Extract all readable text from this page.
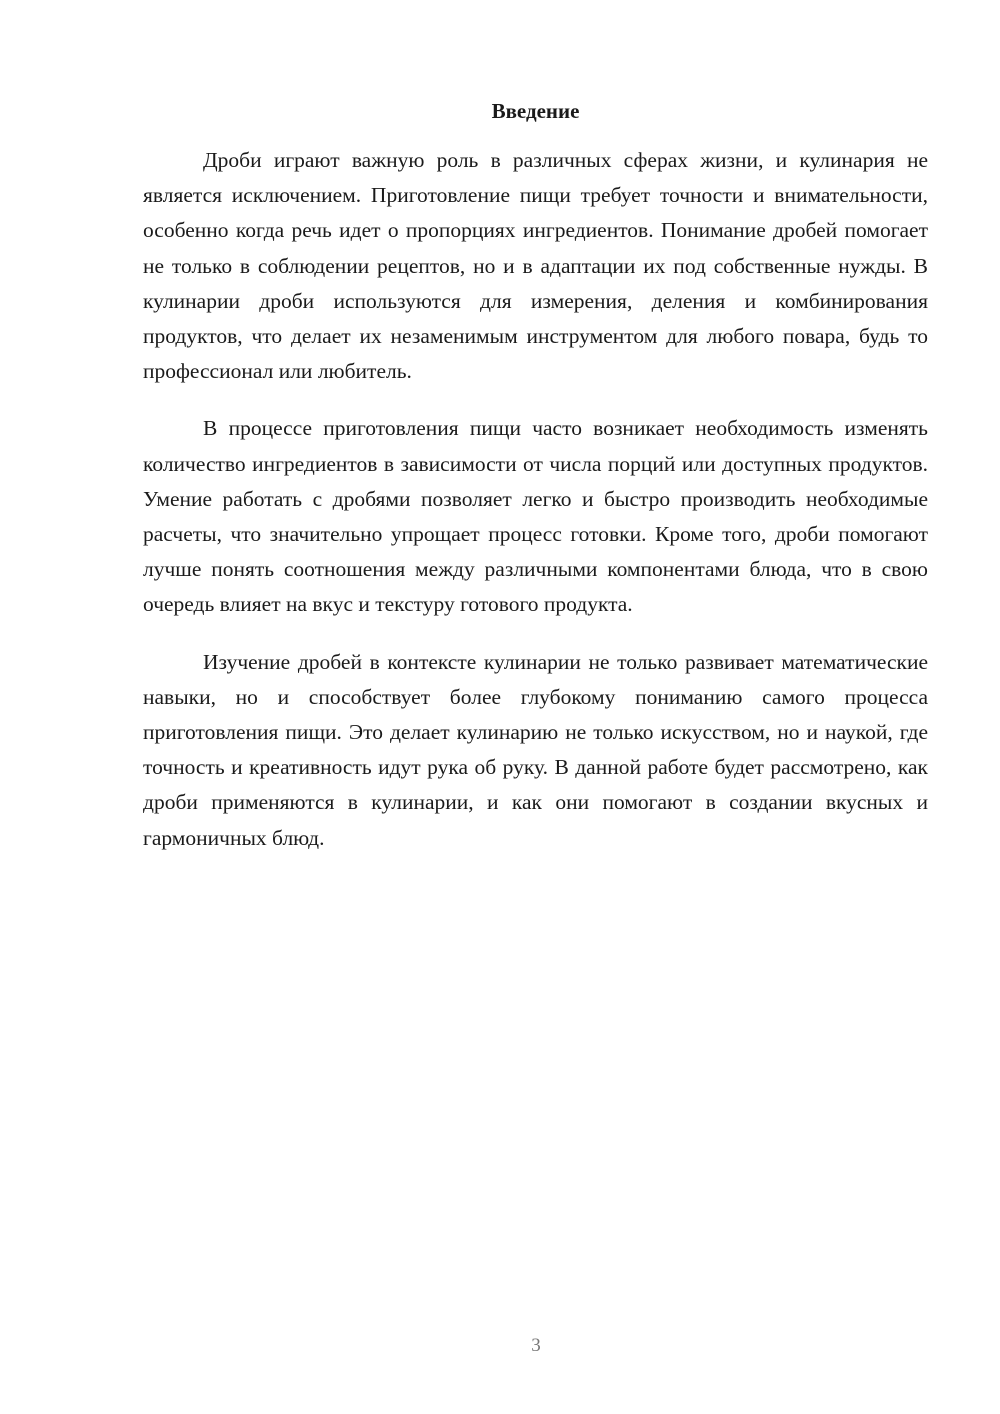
Введение

Дроби играют важную роль в различных сферах жизни, и кулинария не является исключением. Приготовление пищи требует точности и внимательности, особенно когда речь идет о пропорциях ингредиентов. Понимание дробей помогает не только в соблюдении рецептов, но и в адаптации их под собственные нужды. В кулинарии дроби используются для измерения, деления и комбинирования продуктов, что делает их незаменимым инструментом для любого повара, будь то профессионал или любитель.

В процессе приготовления пищи часто возникает необходимость изменять количество ингредиентов в зависимости от числа порций или доступных продуктов. Умение работать с дробями позволяет легко и быстро производить необходимые расчеты, что значительно упрощает процесс готовки. Кроме того, дроби помогают лучше понять соотношения между различными компонентами блюда, что в свою очередь влияет на вкус и текстуру готового продукта.

Изучение дробей в контексте кулинарии не только развивает математические навыки, но и способствует более глубокому пониманию самого процесса приготовления пищи. Это делает кулинарию не только искусством, но и наукой, где точность и креативность идут рука об руку. В данной работе будет рассмотрено, как дроби применяются в кулинарии, и как они помогают в создании вкусных и гармоничных блюд.

3
